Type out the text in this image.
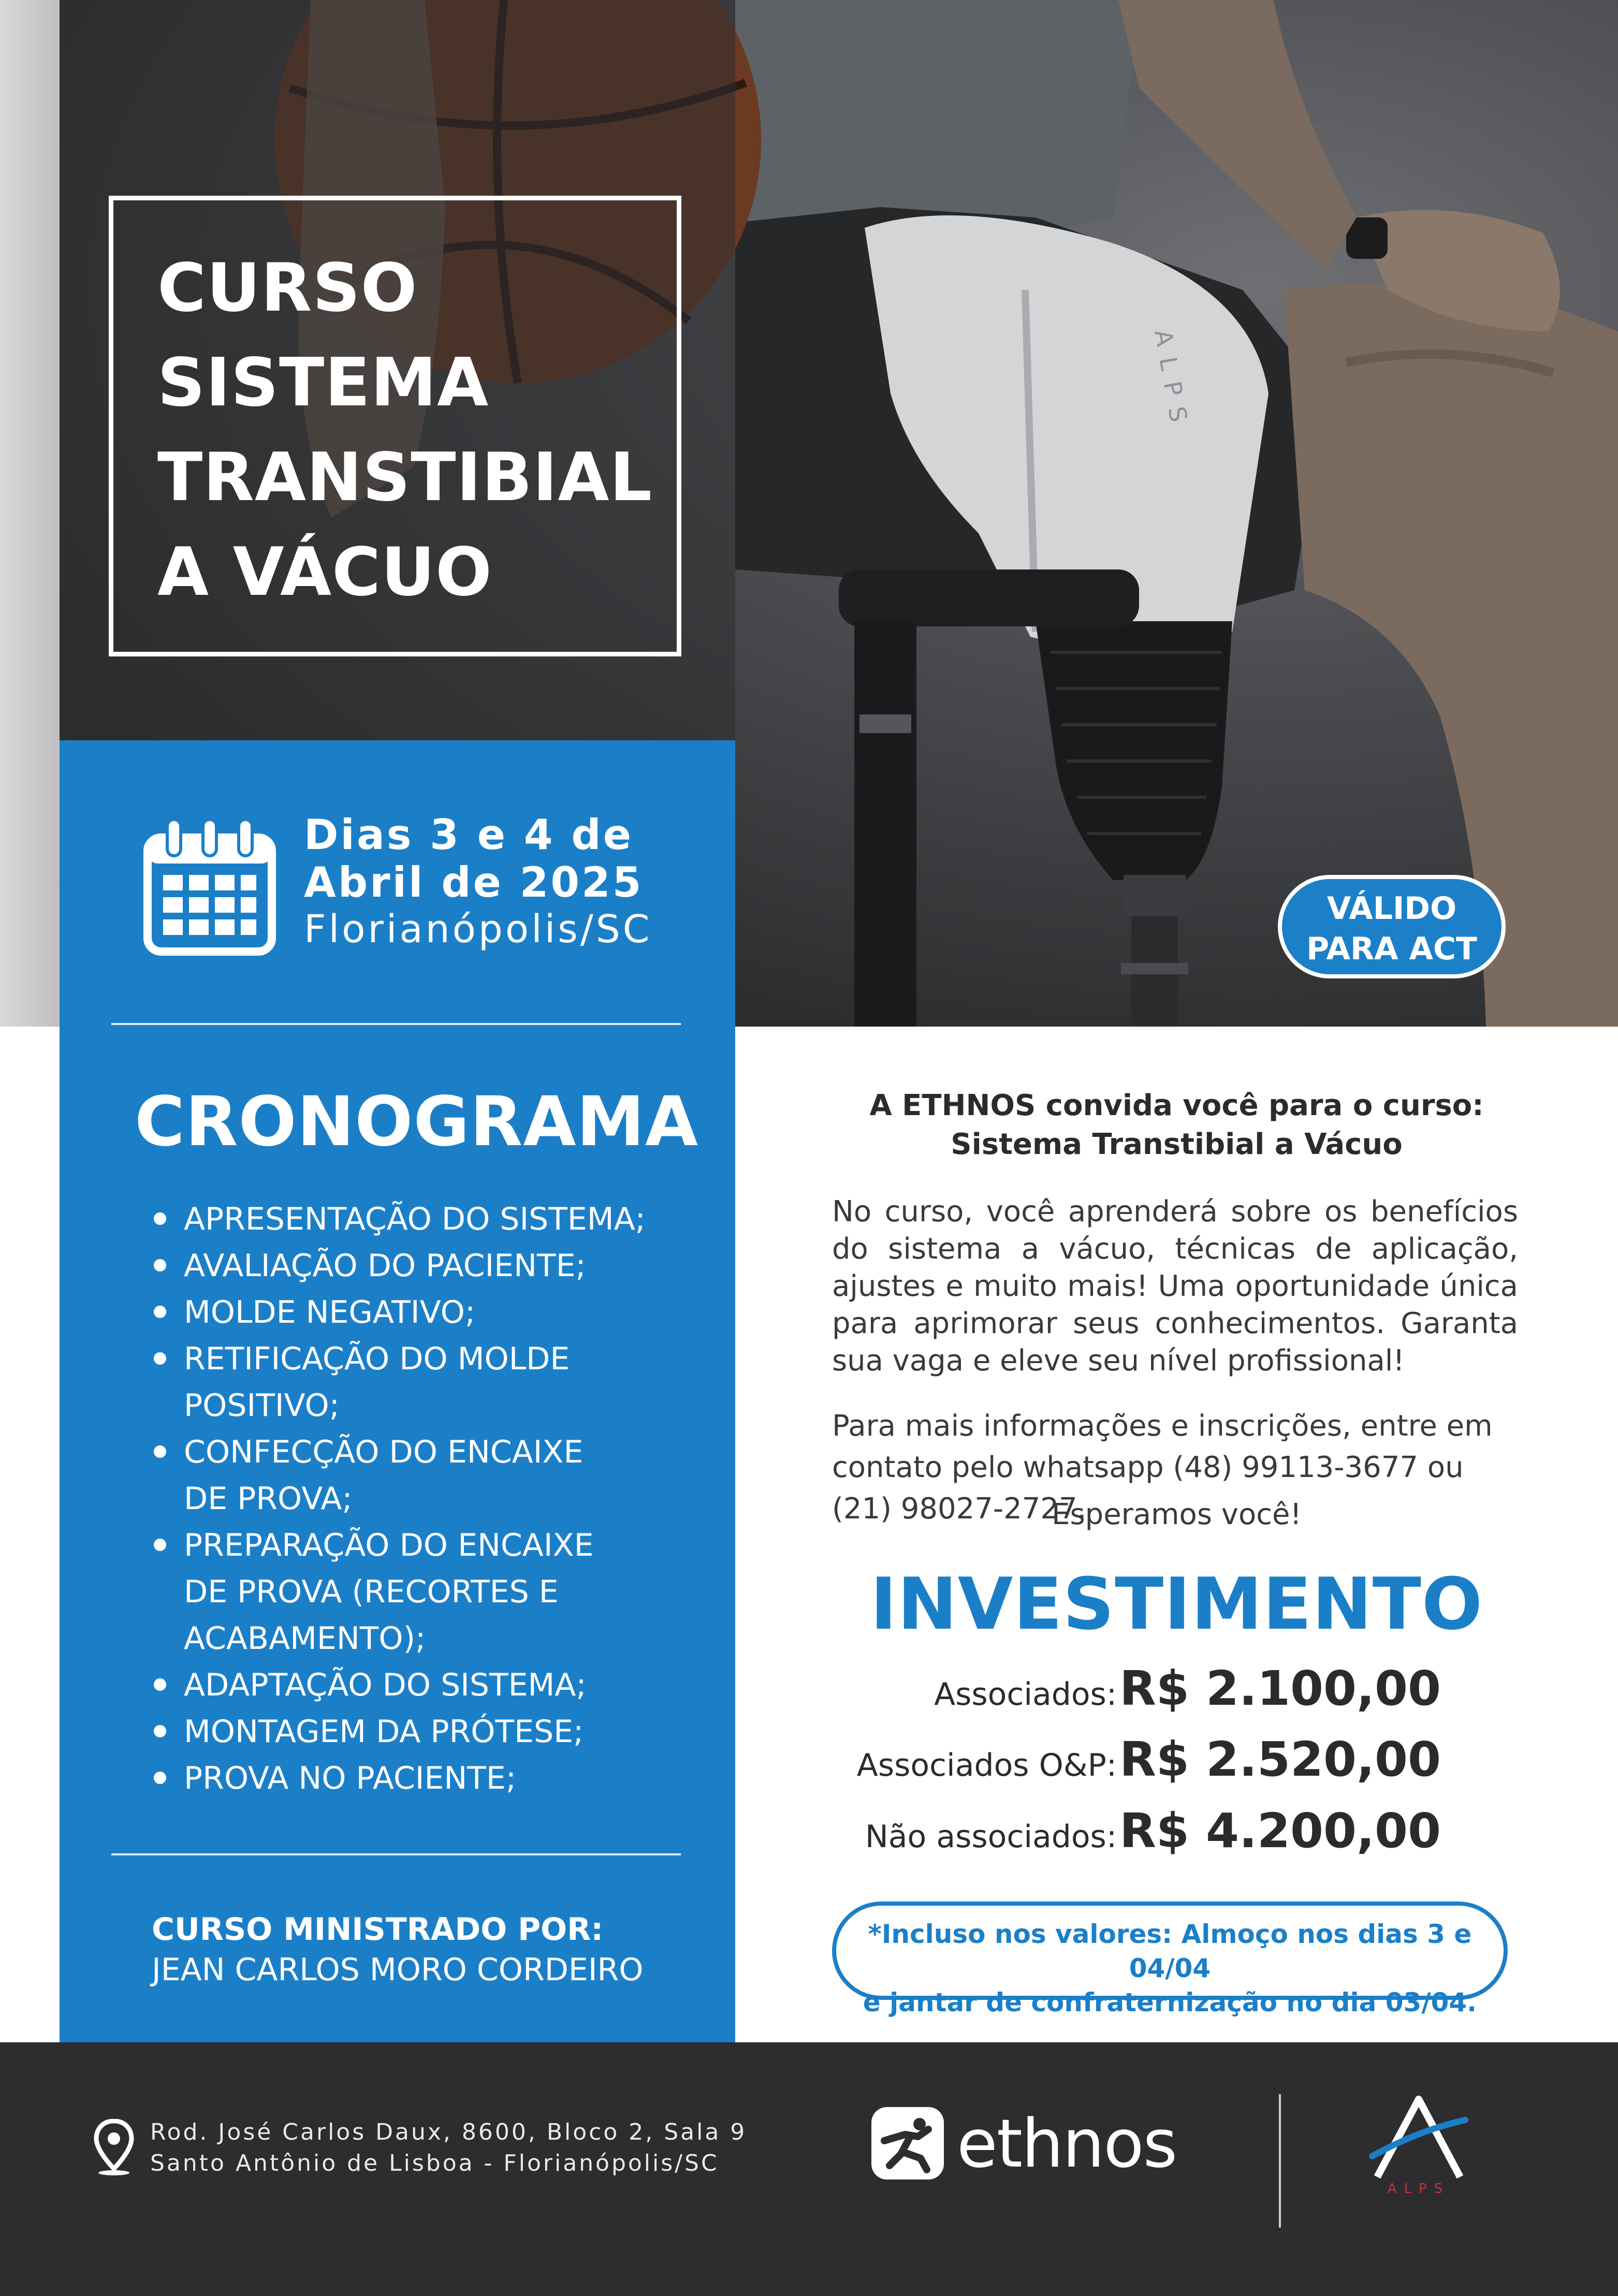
ALPS
CURSO
SISTEMA
TRANSTIBIAL
A VÁCUO
VÁLIDO
PARA ACT
Dias 3 e 4 de
Abril de 2025
Florianópolis/SC
CRONOGRAMA
APRESENTAÇÃO DO SISTEMA;
AVALIAÇÃO DO PACIENTE;
MOLDE NEGATIVO;
RETIFICAÇÃO DO MOLDE
POSITIVO;
CONFECÇÃO DO ENCAIXE
DE PROVA;
PREPARAÇÃO DO ENCAIXE
DE PROVA (RECORTES E
ACABAMENTO);
ADAPTAÇÃO DO SISTEMA;
MONTAGEM DA PRÓTESE;
PROVA NO PACIENTE;
CURSO MINISTRADO POR:
JEAN CARLOS MORO CORDEIRO
A ETHNOS convida você para o curso:
Sistema Transtibial a Vácuo
No curso, você aprenderá sobre os benefícios do sistema a vácuo, técnicas de aplicação, ajustes e muito mais! Uma oportunidade única para aprimorar seus conhecimentos. Garanta sua vaga e eleve seu nível profissional!
Para mais informações e inscrições, entre em contato pelo whatsapp (48) 99113-3677 ou (21) 98027-2727.
Esperamos você!
INVESTIMENTO
Associados: R$ 2.100,00
Associados O&P: R$ 2.520,00
Não associados: R$ 4.200,00
*Incluso nos valores: Almoço nos dias 3 e 04/04
e jantar de confraternização no dia 03/04.
Rod. José Carlos Daux, 8600, Bloco 2, Sala 9
Santo Antônio de Lisboa - Florianópolis/SC	ethnos
ALPS
